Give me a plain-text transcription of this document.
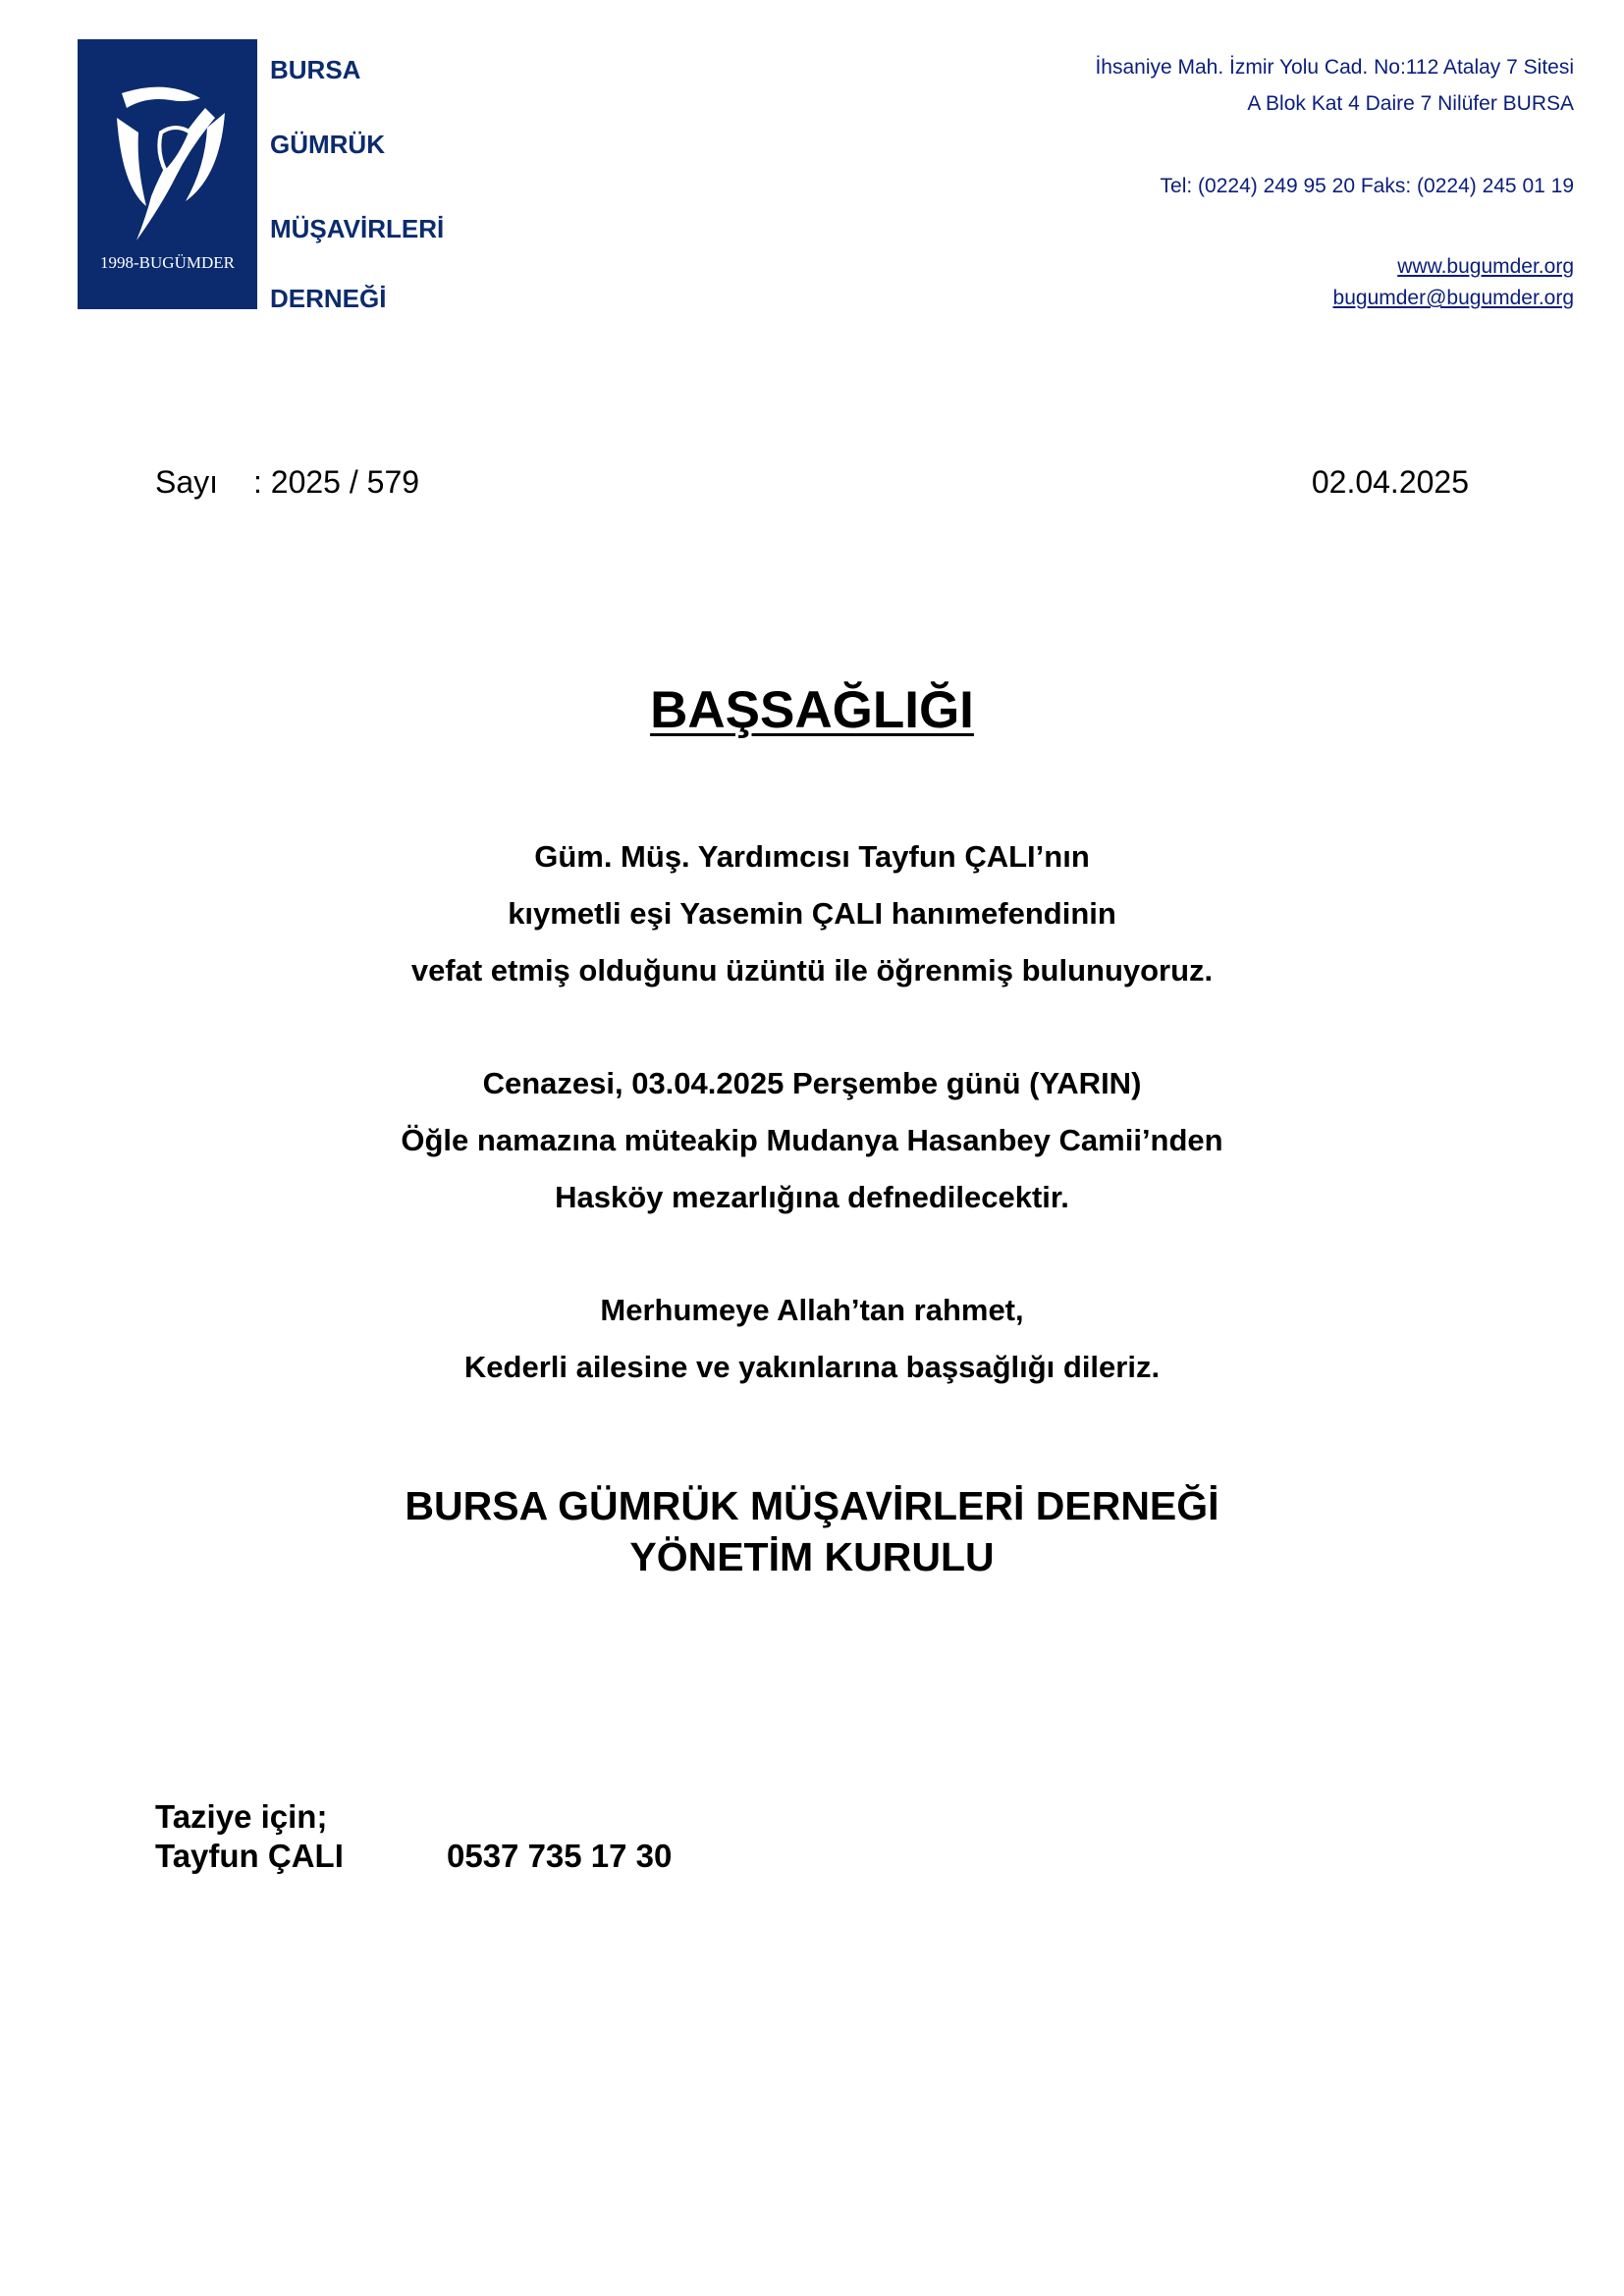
1998-BUGÜMDER
BURSA
GÜMRÜK
MÜŞAVİRLERİ
DERNEĞİ
İhsaniye Mah. İzmir Yolu Cad. No:112 Atalay 7 Sitesi
A Blok Kat 4 Daire 7 Nilüfer BURSA
Tel: (0224) 249 95 20 Faks: (0224) 245 01 19
www.bugumder.org
bugumder@bugumder.org
Sayı : 2025 / 579	02.04.2025
BAŞSAĞLIĞI
Güm. Müş. Yardımcısı Tayfun ÇALI’nın
kıymetli eşi Yasemin ÇALI hanımefendinin
vefat etmiş olduğunu üzüntü ile öğrenmiş bulunuyoruz.
Cenazesi, 03.04.2025 Perşembe günü (YARIN)
Öğle namazına müteakip Mudanya Hasanbey Camii’nden
Hasköy mezarlığına defnedilecektir.
Merhumeye Allah’tan rahmet,
Kederli ailesine ve yakınlarına başsağlığı dileriz.
BURSA GÜMRÜK MÜŞAVİRLERİ DERNEĞİ
YÖNETİM KURULU
Taziye için;
Tayfun ÇALI	0537 735 17 30
